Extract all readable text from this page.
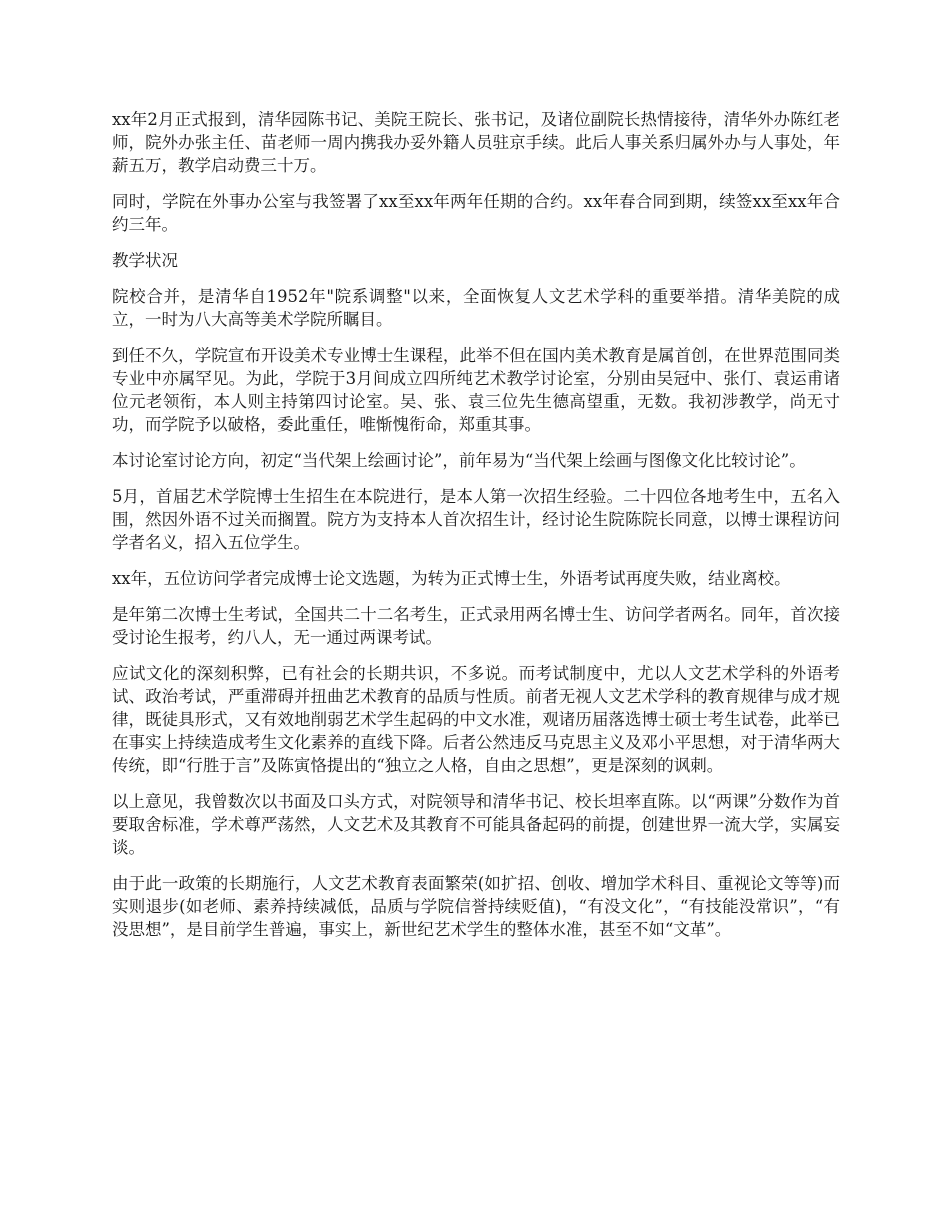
xx年2月正式报到，清华园陈书记、美院王院长、张书记，及诸位副院长热情接待，清华外办陈红老师，院外办张主任、苗老师一周内携我办妥外籍人员驻京手续。此后人事关系归属外办与人事处，年薪五万，教学启动费三十万。

同时，学院在外事办公室与我签署了xx至xx年两年任期的合约。xx年春合同到期，续签xx至xx年合约三年。

教学状况

院校合并，是清华自1952年"院系调整"以来，全面恢复人文艺术学科的重要举措。清华美院的成立，一时为八大高等美术学院所瞩目。

到任不久，学院宣布开设美术专业博士生课程，此举不但在国内美术教育是属首创，在世界范围同类专业中亦属罕见。为此，学院于3月间成立四所纯艺术教学讨论室，分别由吴冠中、张仃、袁运甫诸位元老领衔，本人则主持第四讨论室。吴、张、袁三位先生德高望重，无数。我初涉教学，尚无寸功，而学院予以破格，委此重任，唯惭愧衔命，郑重其事。

本讨论室讨论方向，初定“当代架上绘画讨论”，前年易为“当代架上绘画与图像文化比较讨论”。

5月，首届艺术学院博士生招生在本院进行，是本人第一次招生经验。二十四位各地考生中，五名入围，然因外语不过关而搁置。院方为支持本人首次招生计，经讨论生院陈院长同意，以博士课程访问学者名义，招入五位学生。

xx年，五位访问学者完成博士论文选题，为转为正式博士生，外语考试再度失败，结业离校。

是年第二次博士生考试，全国共二十二名考生，正式录用两名博士生、访问学者两名。同年，首次接受讨论生报考，约八人，无一通过两课考试。

应试文化的深刻积弊，已有社会的长期共识，不多说。而考试制度中，尤以人文艺术学科的外语考试、政治考试，严重滞碍并扭曲艺术教育的品质与性质。前者无视人文艺术学科的教育规律与成才规律，既徒具形式，又有效地削弱艺术学生起码的中文水准，观诸历届落选博士硕士考生试卷，此举已在事实上持续造成考生文化素养的直线下降。后者公然违反马克思主义及邓小平思想，对于清华两大传统，即“行胜于言”及陈寅恪提出的“独立之人格，自由之思想”，更是深刻的讽刺。

以上意见，我曾数次以书面及口头方式，对院领导和清华书记、校长坦率直陈。以“两课”分数作为首要取舍标准，学术尊严荡然，人文艺术及其教育不可能具备起码的前提，创建世界一流大学，实属妄谈。

由于此一政策的长期施行，人文艺术教育表面繁荣(如扩招、创收、增加学术科目、重视论文等等)而实则退步(如老师、素养持续减低，品质与学院信誉持续贬值)，“有没文化”，“有技能没常识”，“有没思想”，是目前学生普遍，事实上，新世纪艺术学生的整体水准，甚至不如“文革”。
